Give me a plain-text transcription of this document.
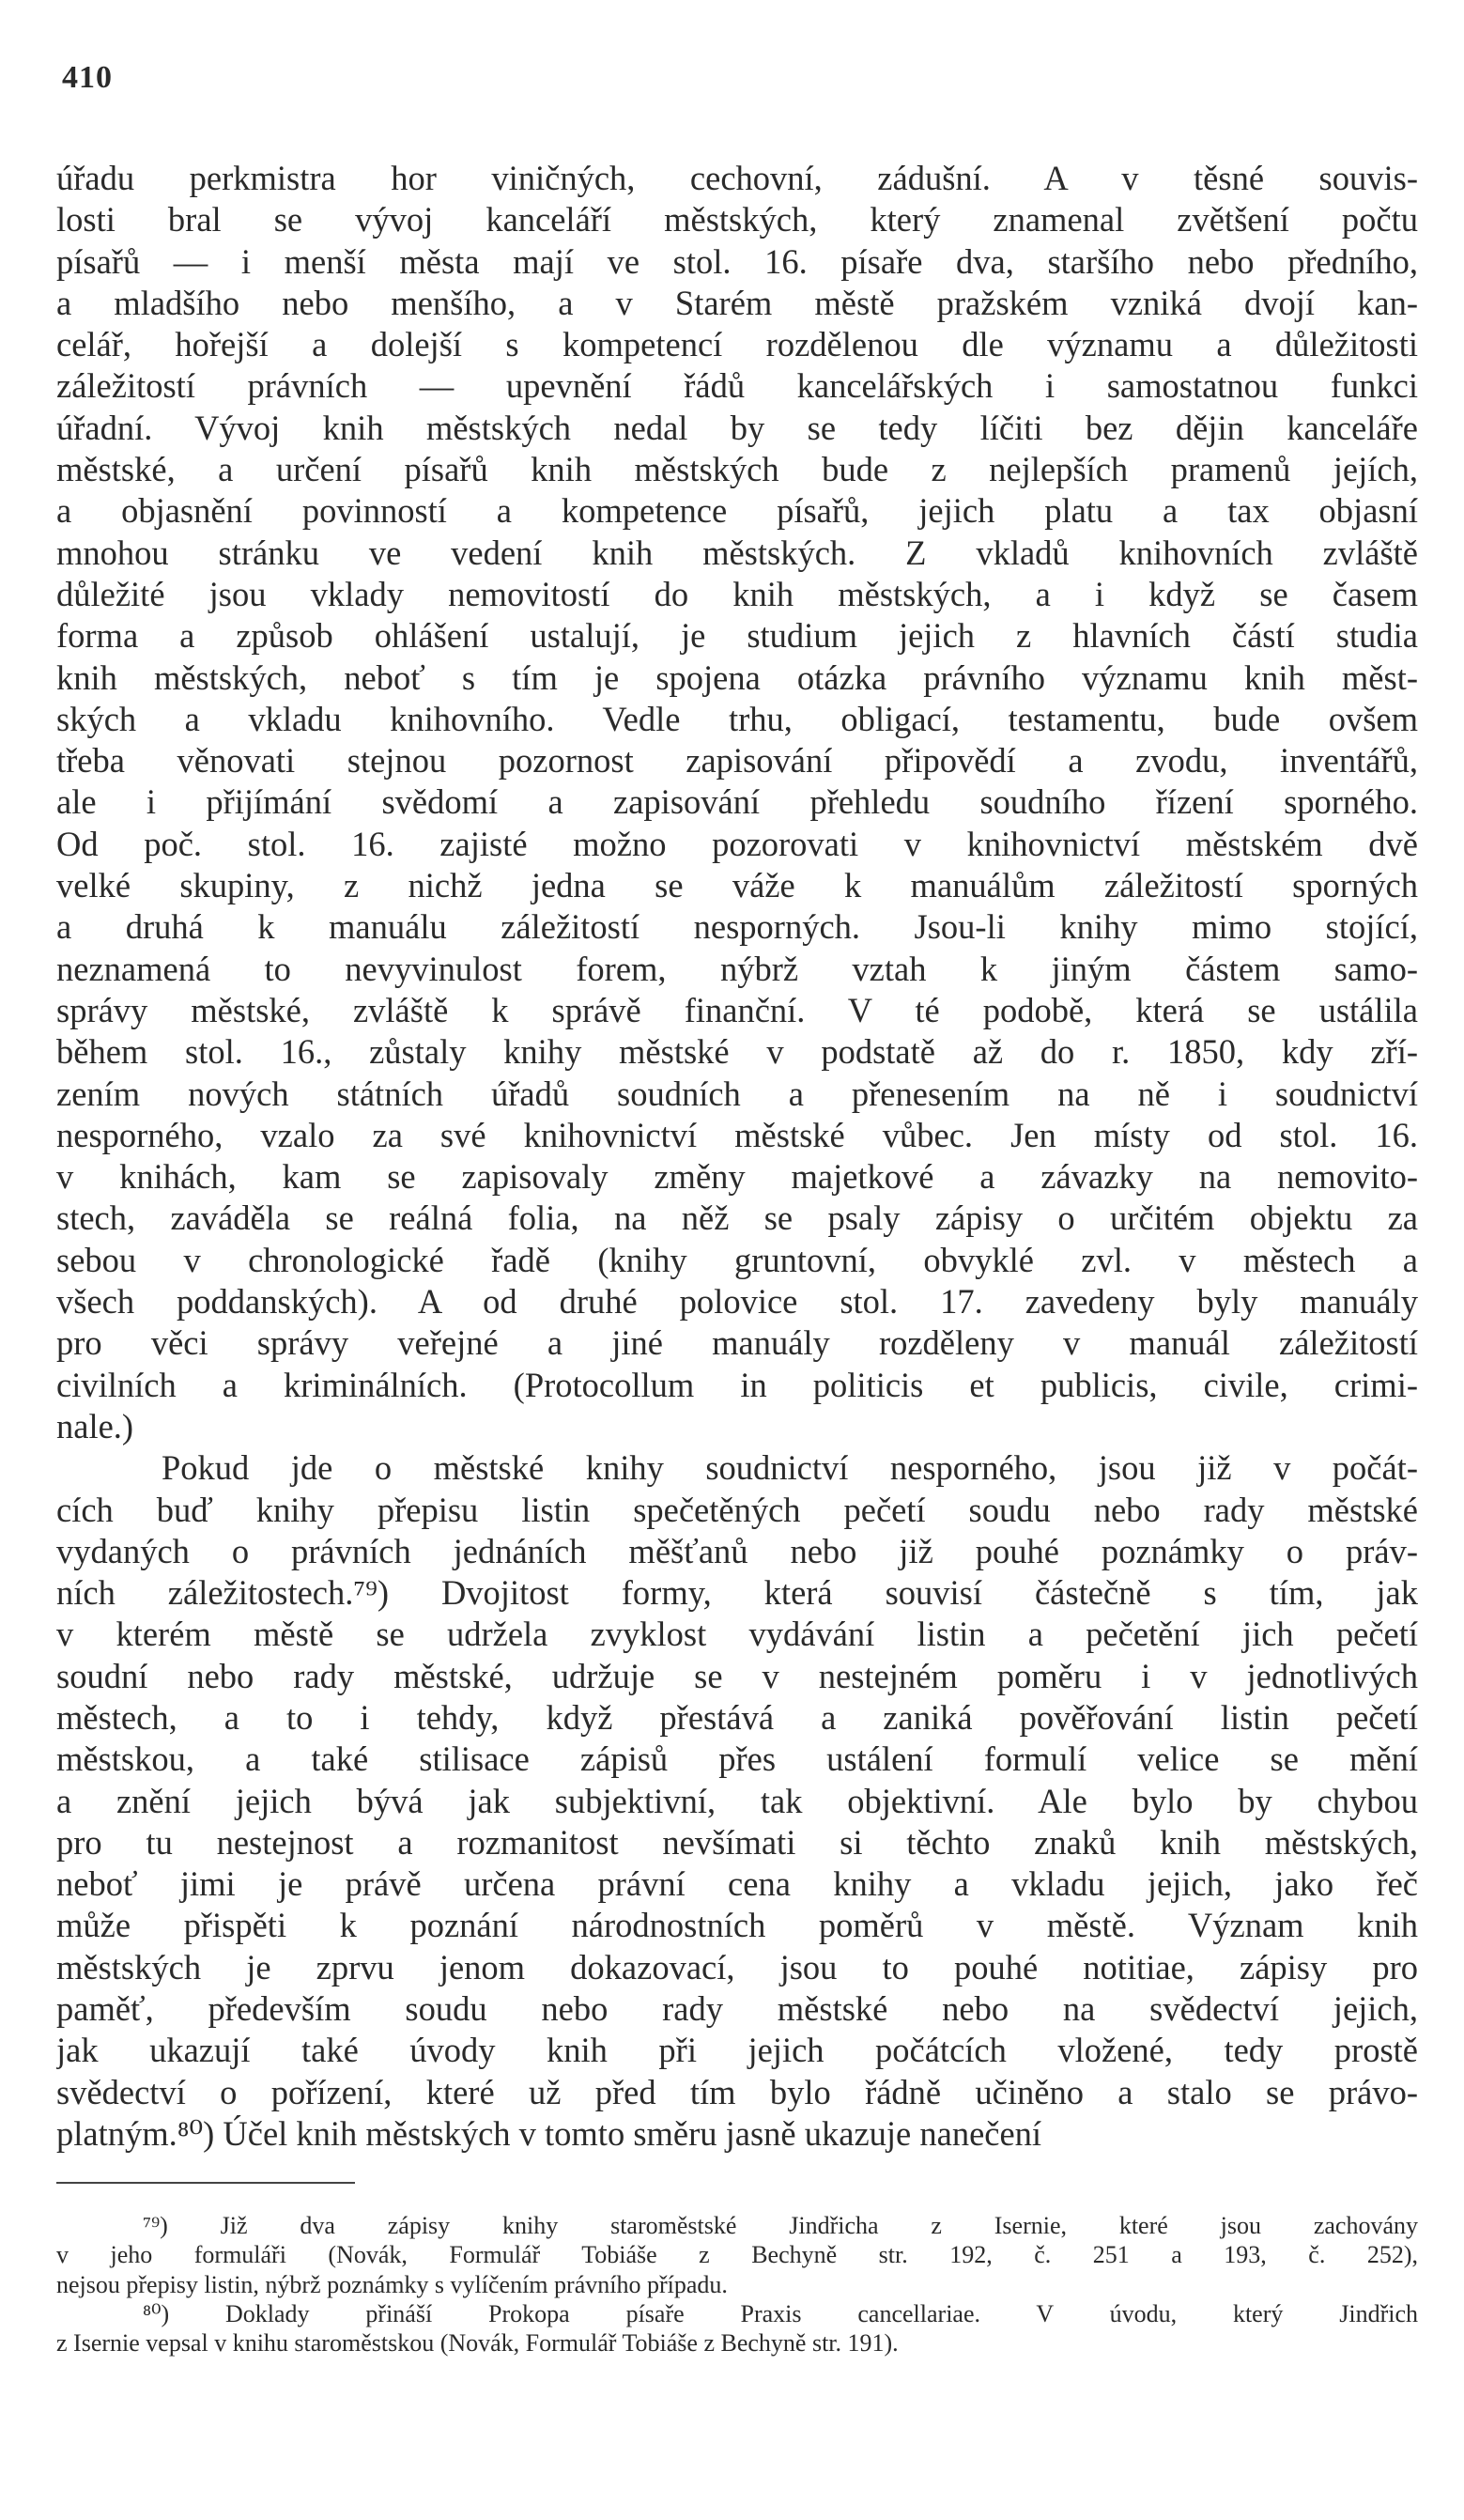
410
úřadu perkmistra hor viničných, cechovní, zádušní. A v těsné souvis-
losti bral se vývoj kanceláří městských, který znamenal zvětšení počtu
písařů — i menší města mají ve stol. 16. písaře dva, staršího nebo předního,
a mladšího nebo menšího, a v Starém městě pražském vzniká dvojí kan-
celář, hořejší a dolejší s kompetencí rozdělenou dle významu a důležitosti
záležitostí právních — upevnění řádů kancelářských i samostatnou funkci
úřadní. Vývoj knih městských nedal by se tedy líčiti bez dějin kanceláře
městské, a určení písařů knih městských bude z nejlepších pramenů jejích,
a objasnění povinností a kompetence písařů, jejich platu a tax objasní
mnohou stránku ve vedení knih městských. Z vkladů knihovních zvláště
důležité jsou vklady nemovitostí do knih městských, a i když se časem
forma a způsob ohlášení ustalují, je studium jejich z hlavních částí studia
knih městských, neboť s tím je spojena otázka právního významu knih měst-
ských a vkladu knihovního. Vedle trhu, obligací, testamentu, bude ovšem
třeba věnovati stejnou pozornost zapisování připovědí a zvodu, inventářů,
ale i přijímání svědomí a zapisování přehledu soudního řízení sporného.
Od poč. stol. 16. zajisté možno pozorovati v knihovnictví městském dvě
velké skupiny, z nichž jedna se váže k manuálům záležitostí sporných
a druhá k manuálu záležitostí nesporných. Jsou-li knihy mimo stojící,
neznamená to nevyvinulost forem, nýbrž vztah k jiným částem samo-
správy městské, zvláště k správě finanční. V té podobě, která se ustálila
během stol. 16., zůstaly knihy městské v podstatě až do r. 1850, kdy zří-
zením nových státních úřadů soudních a přenesením na ně i soudnictví
nesporného, vzalo za své knihovnictví městské vůbec. Jen místy od stol. 16.
v knihách, kam se zapisovaly změny majetkové a závazky na nemovito-
stech, zaváděla se reálná folia, na něž se psaly zápisy o určitém objektu za
sebou v chronologické řadě (knihy gruntovní, obvyklé zvl. v městech a
všech poddanských). A od druhé polovice stol. 17. zavedeny byly manuály
pro věci správy veřejné a jiné manuály rozděleny v manuál záležitostí
civilních a kriminálních. (Protocollum in politicis et publicis, civile, crimi-
nale.)
Pokud jde o městské knihy soudnictví nesporného, jsou již v počát-
cích buď knihy přepisu listin spečetěných pečetí soudu nebo rady městské
vydaných o právních jednáních měšťanů nebo již pouhé poznámky o práv-
ních záležitostech.⁷⁹) Dvojitost formy, která souvisí částečně s tím, jak
v kterém městě se udržela zvyklost vydávání listin a pečetění jich pečetí
soudní nebo rady městské, udržuje se v nestejném poměru i v jednotlivých
městech, a to i tehdy, když přestává a zaniká pověřování listin pečetí
městskou, a také stilisace zápisů přes ustálení formulí velice se mění
a znění jejich bývá jak subjektivní, tak objektivní. Ale bylo by chybou
pro tu nestejnost a rozmanitost nevšímati si těchto znaků knih městských,
neboť jimi je právě určena právní cena knihy a vkladu jejich, jako řeč
může přispěti k poznání národnostních poměrů v městě. Význam knih
městských je zprvu jenom dokazovací, jsou to pouhé notitiae, zápisy pro
paměť, především soudu nebo rady městské nebo na svědectví jejich,
jak ukazují také úvody knih při jejich počátcích vložené, tedy prostě
svědectví o pořízení, které už před tím bylo řádně učiněno a stalo se právo-
platným.⁸⁰) Účel knih městských v tomto směru jasně ukazuje nanečení
⁷⁹) Již dva zápisy knihy staroměstské Jindřicha z Isernie, které jsou zachovány
v jeho formuláři (Novák, Formulář Tobiáše z Bechyně str. 192, č. 251 a 193, č. 252),
nejsou přepisy listin, nýbrž poznámky s vylíčením právního případu.
⁸⁰) Doklady přináší Prokopa písaře Praxis cancellariae. V úvodu, který Jindřich
z Isernie vepsal v knihu staroměstskou (Novák, Formulář Tobiáše z Bechyně str. 191).
